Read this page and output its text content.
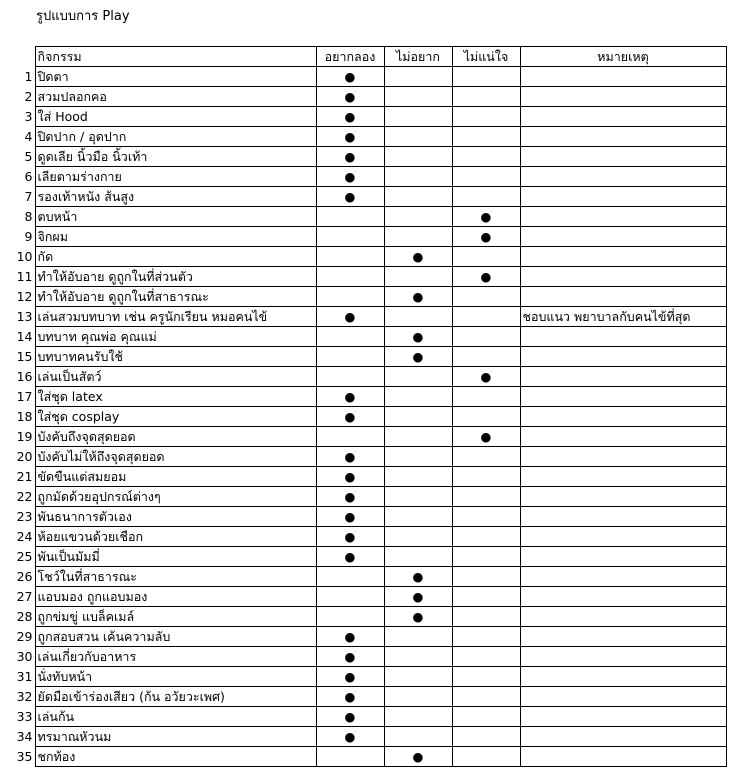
รูปแบบการ Play
	กิจกรรม	อยากลอง	ไม่อยาก	ไม่แน่ใจ	หมายเหตุ
1	ปิดตา	●			
2	สวมปลอกคอ	●			
3	ใส่ Hood	●			
4	ปิดปาก / อุดปาก	●			
5	ดูดเลีย นิ้วมือ นิ้วเท้า	●			
6	เลียตามร่างกาย	●			
7	รองเท้าหนัง ส้นสูง	●			
8	ตบหน้า			●	
9	จิกผม			●	
10	กัด		●		
11	ทำให้อับอาย ดูถูกในที่ส่วนตัว			●	
12	ทำให้อับอาย ดูถูกในที่สาธารณะ		●		
13	เล่นสวมบทบาท เช่น ครูนักเรียน หมอคนไข้	●			ชอบแนว พยาบาลกับคนไข้ที่สุด
14	บทบาท คุณพ่อ คุณแม่		●		
15	บทบาทคนรับใช้		●		
16	เล่นเป็นสัตว์			●	
17	ใส่ชุด latex	●			
18	ใส่ชุด cosplay	●			
19	บังคับถึงจุดสุดยอด			●	
20	บังคับไม่ให้ถึงจุดสุดยอด	●			
21	ขัดขืนแต่สมยอม	●			
22	ถูกมัดด้วยอุปกรณ์ต่างๆ	●			
23	พันธนาการตัวเอง	●			
24	ห้อยแขวนด้วยเชือก	●			
25	พันเป็นมัมมี่	●			
26	โชว์ในที่สาธารณะ		●		
27	แอบมอง ถูกแอบมอง		●		
28	ถูกข่มขู่ แบล็คเมล์		●		
29	ถูกสอบสวน เค้นความลับ	●			
30	เล่นเกี่ยวกับอาหาร	●			
31	นั่งทับหน้า	●			
32	ยัดมือเข้าร่องเสียว (ก้น อวัยวะเพศ)	●			
33	เล่นก้น	●			
34	ทรมาณหัวนม	●			
35	ชกท้อง		●		
